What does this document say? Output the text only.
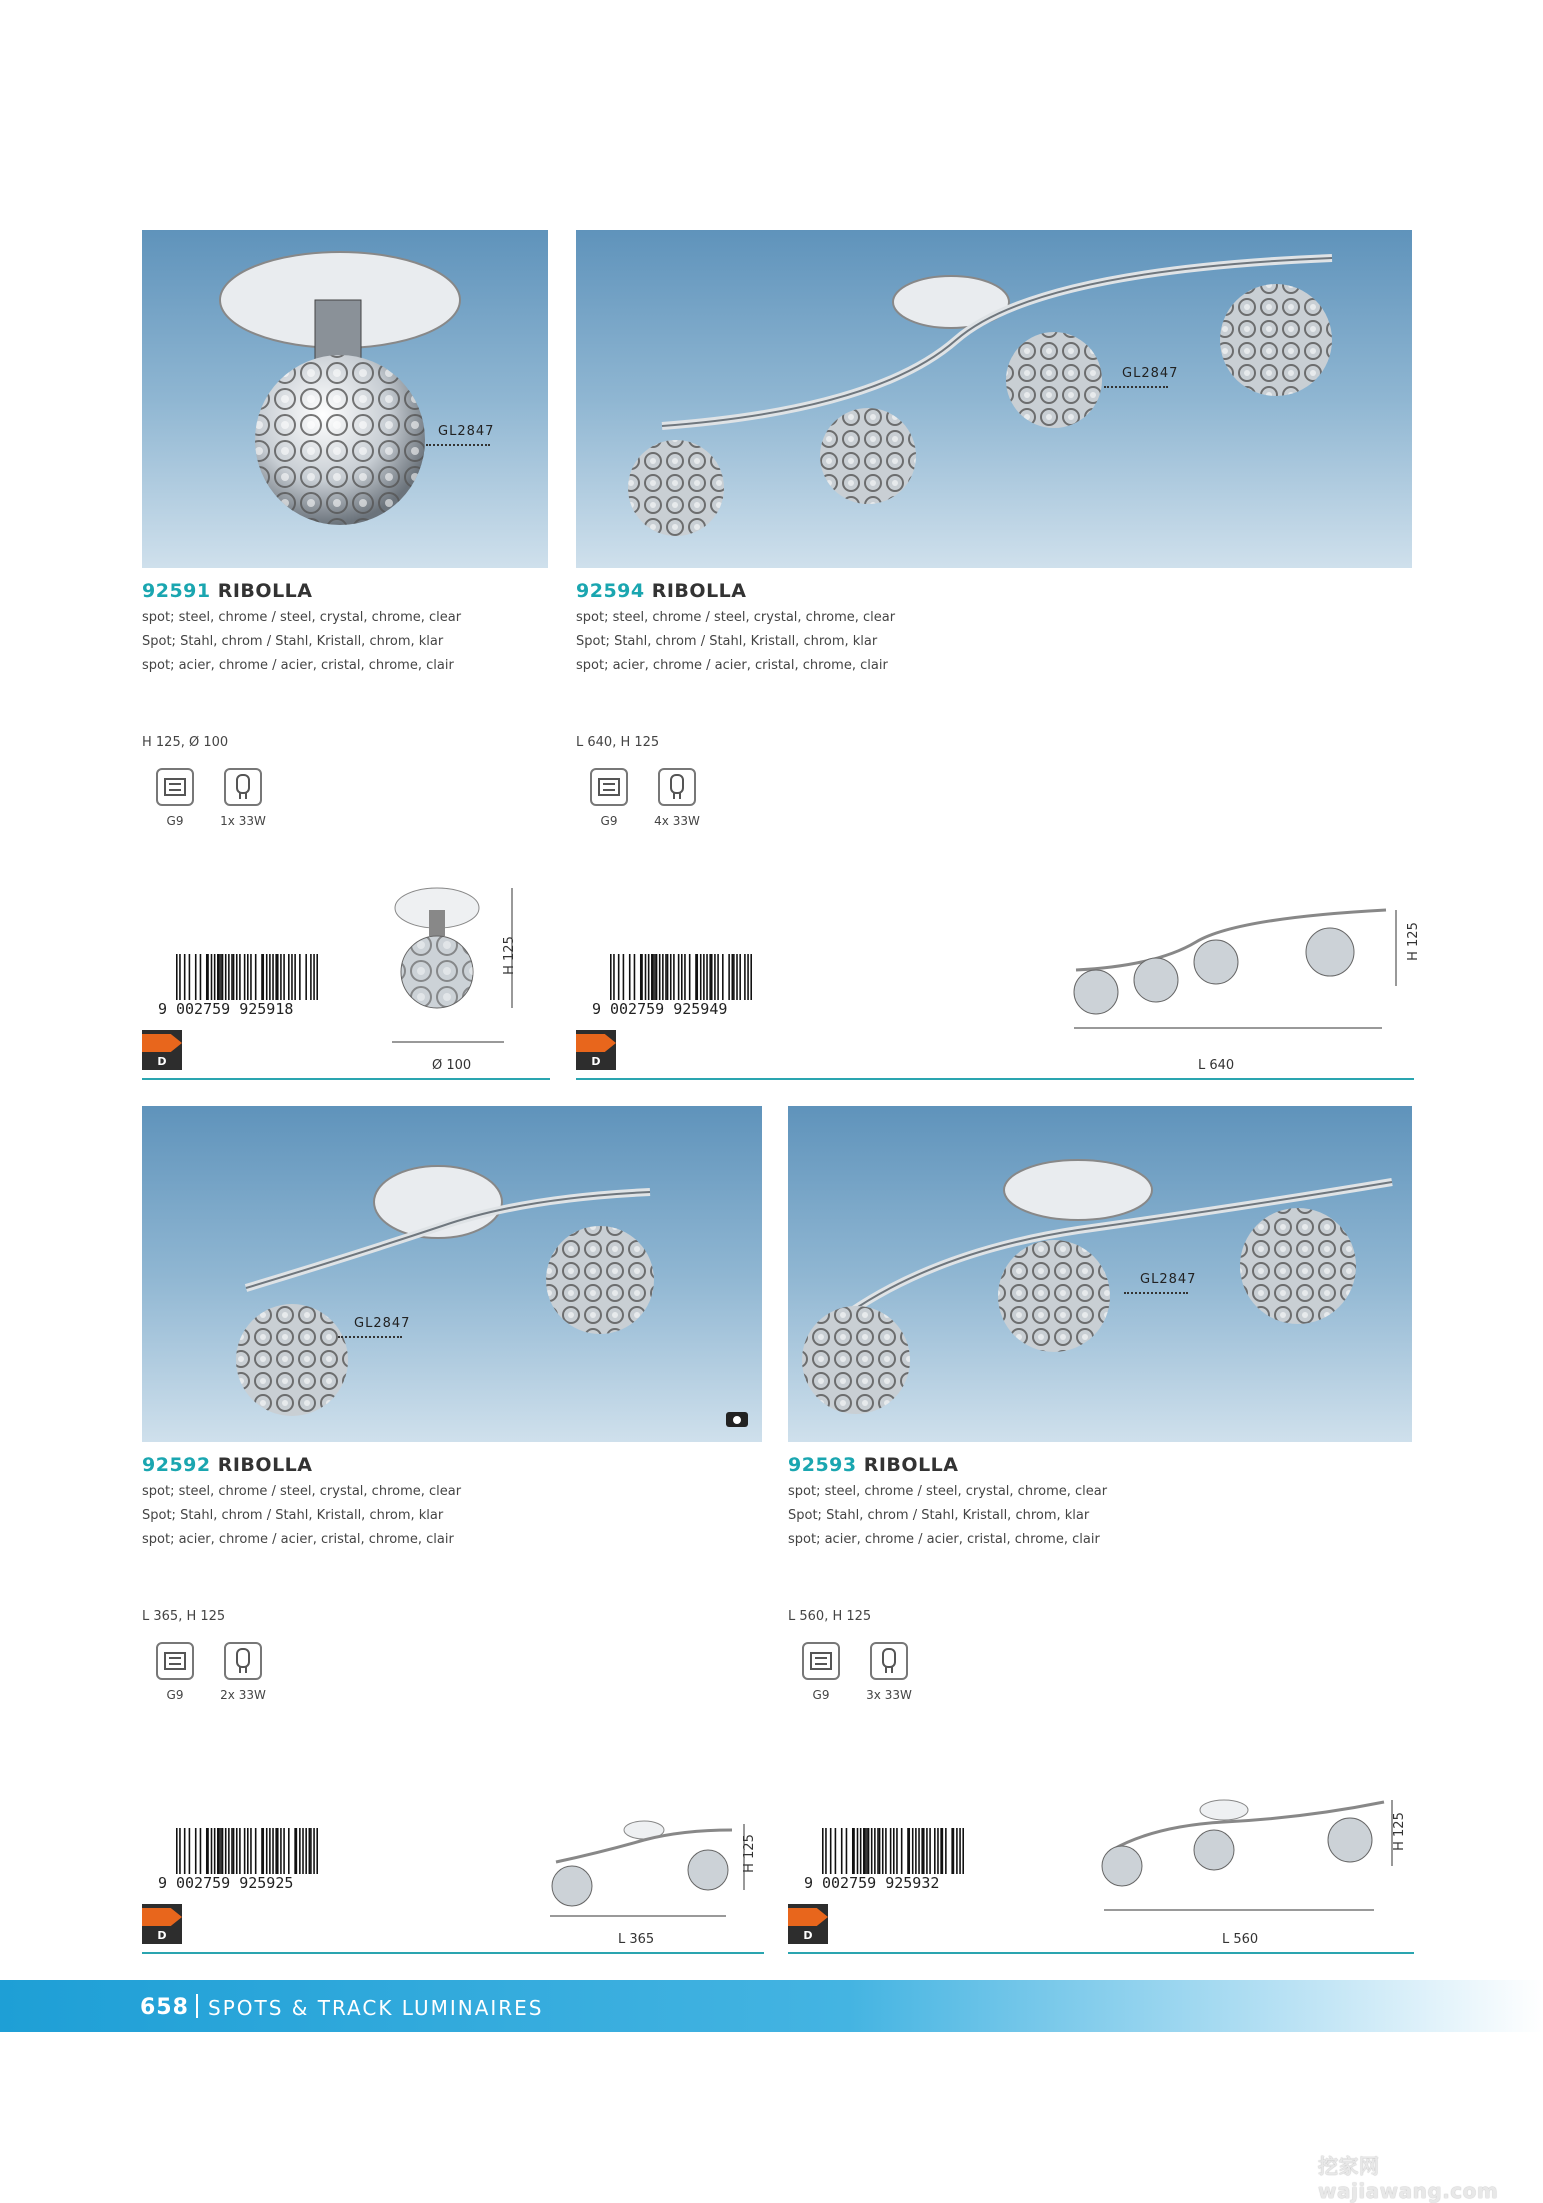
GL2847
92591 RIBOLLA
spot; steel, chrome / steel, crystal, chrome, clear
Spot; Stahl, chrom / Stahl, Kristall, chrom, klar
spot; acier, chrome / acier, cristal, chrome, clair
H 125, Ø 100
G9	1x 33W
9 002759 925918
D
H 125
Ø 100
GL2847
92594 RIBOLLA
spot; steel, chrome / steel, crystal, chrome, clear
Spot; Stahl, chrom / Stahl, Kristall, chrom, klar
spot; acier, chrome / acier, cristal, chrome, clair
L 640, H 125
G9	4x 33W
9 002759 925949
D
H 125
L 640
GL2847
92592 RIBOLLA
spot; steel, chrome / steel, crystal, chrome, clear
Spot; Stahl, chrom / Stahl, Kristall, chrom, klar
spot; acier, chrome / acier, cristal, chrome, clair
L 365, H 125
G9	2x 33W
9 002759 925925
D
H 125
L 365
GL2847
92593 RIBOLLA
spot; steel, chrome / steel, crystal, chrome, clear
Spot; Stahl, chrom / Stahl, Kristall, chrom, klar
spot; acier, chrome / acier, cristal, chrome, clair
L 560, H 125
G9	3x 33W
9 002759 925932
D
H 125
L 560
658 SPOTS & TRACK LUMINAIRES
挖家网 wajiawang.com
